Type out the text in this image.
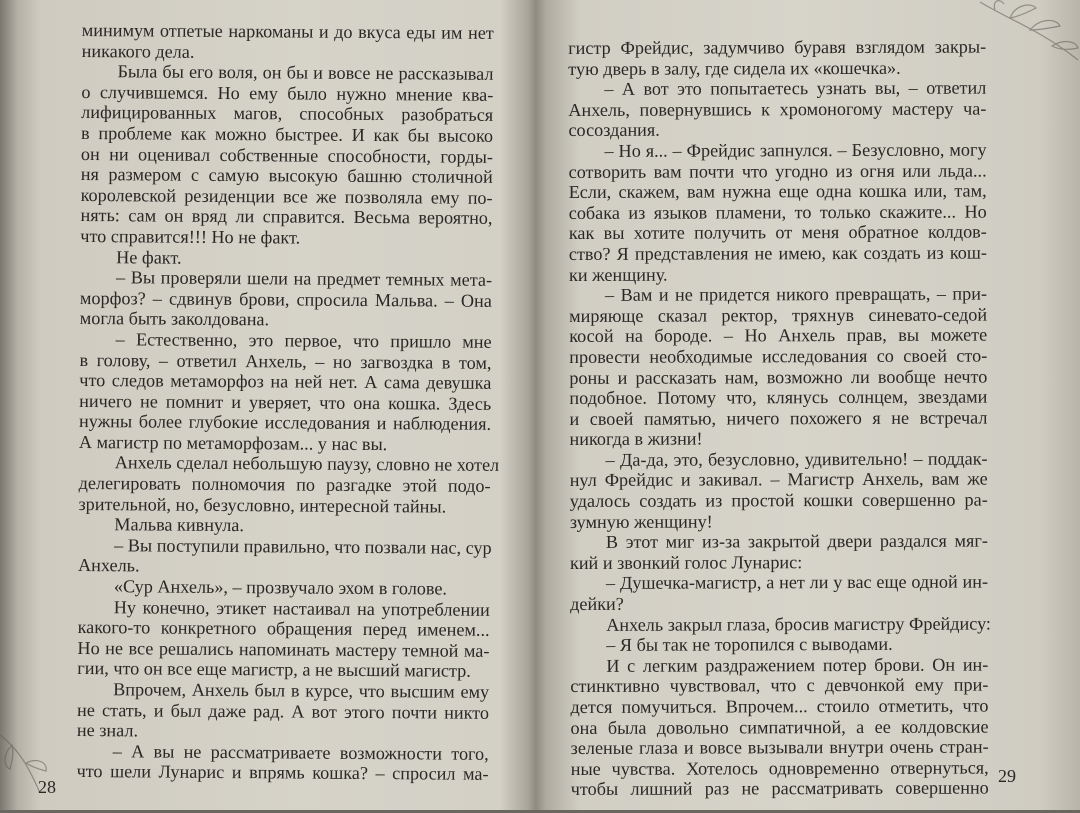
минимум отпетые наркоманы и до вкуса еды им нет
никакого дела.
Была бы его воля, он бы и вовсе не рассказывал
о случившемся. Но ему было нужно мнение ква-
лифицированных магов, способных разобраться
в проблеме как можно быстрее. И как бы высоко
он ни оценивал собственные способности, горды-
ня размером с самую высокую башню столичной
королевской резиденции все же позволяла ему по-
нять: сам он вряд ли справится. Весьма вероятно,
что справится!!! Но не факт.
Не факт.
– Вы проверяли шели на предмет темных мета-
морфоз? – сдвинув брови, спросила Мальва. – Она
могла быть заколдована.
– Естественно, это первое, что пришло мне
в голову, – ответил Анхель, – но загвоздка в том,
что следов метаморфоз на ней нет. А сама девушка
ничего не помнит и уверяет, что она кошка. Здесь
нужны более глубокие исследования и наблюдения.
А магистр по метаморфозам... у нас вы.
Анхель сделал небольшую паузу, словно не хотел
делегировать полномочия по разгадке этой подо-
зрительной, но, безусловно, интересной тайны.
Мальва кивнула.
– Вы поступили правильно, что позвали нас, сур
Анхель.
«Сур Анхель», – прозвучало эхом в голове.
Ну конечно, этикет настаивал на употреблении
какого-то конкретного обращения перед именем...
Но не все решались напоминать мастеру темной ма-
гии, что он все еще магистр, а не высший магистр.
Впрочем, Анхель был в курсе, что высшим ему
не стать, и был даже рад. А вот этого почти никто
не знал.
– А вы не рассматриваете возможности того,
что шели Лунарис и впрямь кошка? – спросил ма-
28
гистр Фрейдис, задумчиво буравя взглядом закры-
тую дверь в залу, где сидела их «кошечка».
– А вот это попытаетесь узнать вы, – ответил
Анхель, повернувшись к хромоногому мастеру ча-
сосоздания.
– Но я... – Фрейдис запнулся. – Безусловно, могу
сотворить вам почти что угодно из огня или льда...
Если, скажем, вам нужна еще одна кошка или, там,
собака из языков пламени, то только скажите... Но
как вы хотите получить от меня обратное колдов-
ство? Я представления не имею, как создать из кош-
ки женщину.
– Вам и не придется никого превращать, – при-
миряюще сказал ректор, тряхнув синевато-седой
косой на бороде. – Но Анхель прав, вы можете
провести необходимые исследования со своей сто-
роны и рассказать нам, возможно ли вообще нечто
подобное. Потому что, клянусь солнцем, звездами
и своей памятью, ничего похожего я не встречал
никогда в жизни!
– Да-да, это, безусловно, удивительно! – поддак-
нул Фрейдис и закивал. – Магистр Анхель, вам же
удалось создать из простой кошки совершенно ра-
зумную женщину!
В этот миг из-за закрытой двери раздался мяг-
кий и звонкий голос Лунарис:
– Душечка-магистр, а нет ли у вас еще одной ин-
дейки?
Анхель закрыл глаза, бросив магистру Фрейдису:
– Я бы так не торопился с выводами.
И с легким раздражением потер брови. Он ин-
стинктивно чувствовал, что с девчонкой ему при-
дется помучиться. Впрочем... стоило отметить, что
она была довольно симпатичной, а ее колдовские
зеленые глаза и вовсе вызывали внутри очень стран-
ные чувства. Хотелось одновременно отвернуться,
чтобы лишний раз не рассматривать совершенно
29
